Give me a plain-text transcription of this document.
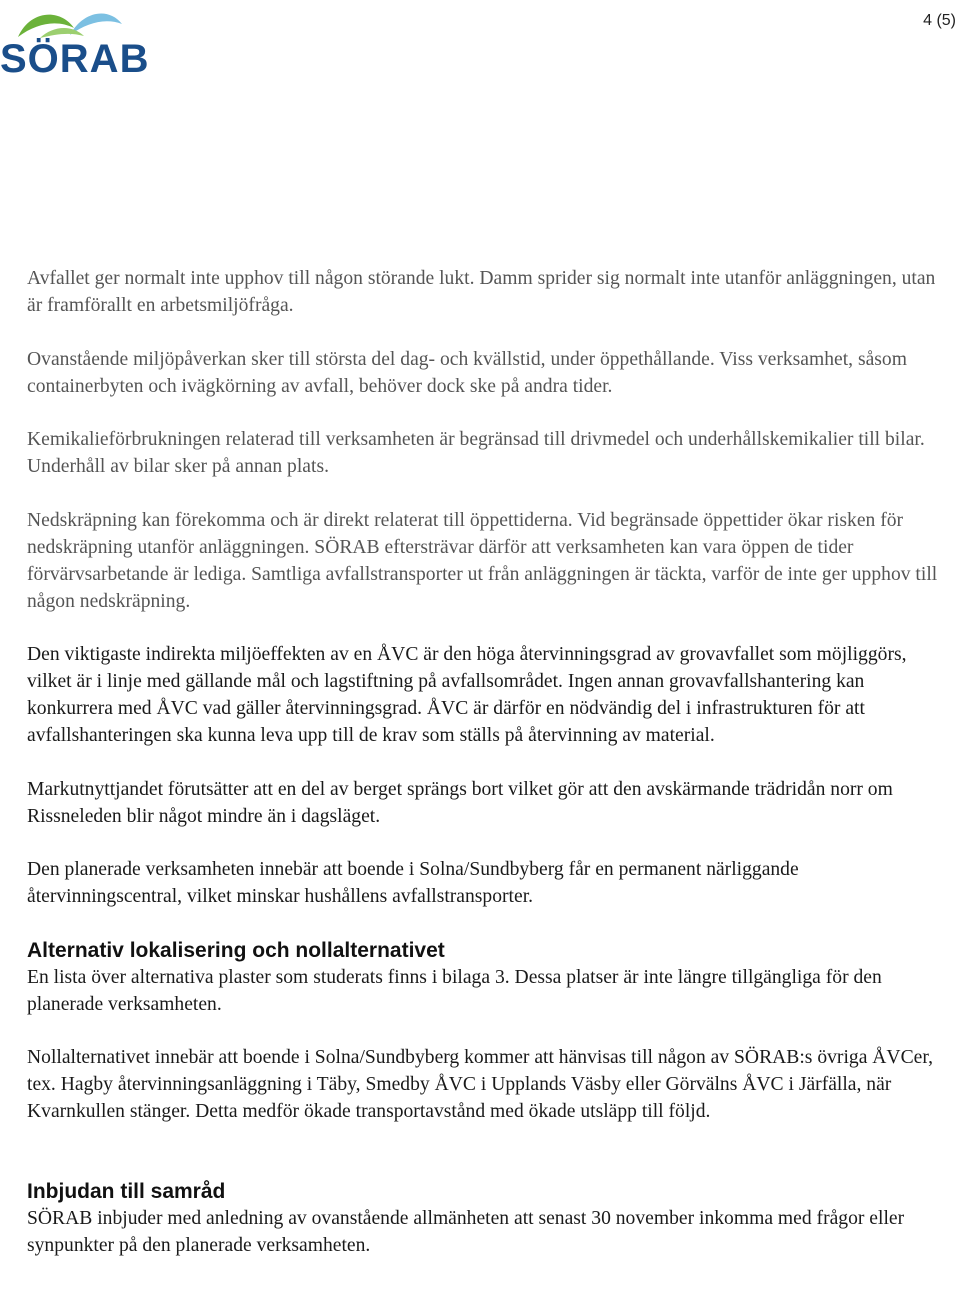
SÖRAB
4 (5)

Avfallet ger normalt inte upphov till någon störande lukt. Damm sprider sig normalt inte utanför anläggningen, utan är framförallt en arbetsmiljöfråga.

Ovanstående miljöpåverkan sker till största del dag- och kvällstid, under öppethållande. Viss verksamhet, såsom containerbyten och ivägkörning av avfall, behöver dock ske på andra tider.

Kemikalieförbrukningen relaterad till verksamheten är begränsad till drivmedel och underhållskemikalier till bilar. Underhåll av bilar sker på annan plats.

Nedskräpning kan förekomma och är direkt relaterat till öppettiderna. Vid begränsade öppettider ökar risken för nedskräpning utanför anläggningen. SÖRAB eftersträvar därför att verksamheten kan vara öppen de tider förvärvsarbetande är lediga. Samtliga avfallstransporter ut från anläggningen är täckta, varför de inte ger upphov till någon nedskräpning.

Den viktigaste indirekta miljöeffekten av en ÅVC är den höga återvinningsgrad av grovavfallet som möjliggörs, vilket är i linje med gällande mål och lagstiftning på avfallsområdet. Ingen annan grovavfallshantering kan konkurrera med ÅVC vad gäller återvinningsgrad. ÅVC är därför en nödvändig del i infrastrukturen för att avfallshanteringen ska kunna leva upp till de krav som ställs på återvinning av material.

Markutnyttjandet förutsätter att en del av berget sprängs bort vilket gör att den avskärmande trädridån norr om Rissneleden blir något mindre än i dagsläget.

Den planerade verksamheten innebär att boende i Solna/Sundbyberg får en permanent närliggande återvinningscentral, vilket minskar hushållens avfallstransporter.

Alternativ lokalisering och nollalternativet

En lista över alternativa plaster som studerats finns i bilaga 3. Dessa platser är inte längre tillgängliga för den planerade verksamheten.

Nollalternativet innebär att boende i Solna/Sundbyberg kommer att hänvisas till någon av SÖRAB:s övriga ÅVCer, tex. Hagby återvinningsanläggning i Täby, Smedby ÅVC i Upplands Väsby eller Görvälns ÅVC i Järfälla, när Kvarnkullen stänger. Detta medför ökade transportavstånd med ökade utsläpp till följd.

Inbjudan till samråd

SÖRAB inbjuder med anledning av ovanstående allmänheten att senast 30 november inkomma med frågor eller synpunkter på den planerade verksamheten.
